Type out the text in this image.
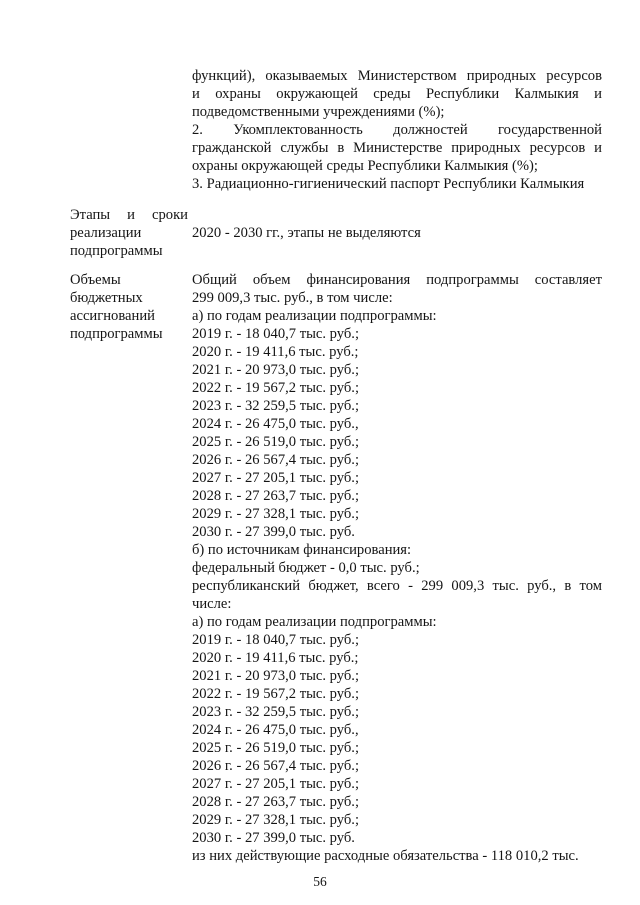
функций), оказываемых Министерством природных ресурсов
и охраны окружающей среды Республики Калмыкия и
подведомственными учреждениями (%);
2. Укомплектованность должностей государственной
гражданской службы в Министерстве природных ресурсов и
охраны окружающей среды Республики Калмыкия (%);
3. Радиационно-гигиенический паспорт Республики Калмыкия
Этапы и сроки
реализации
подпрограммы
2020 - 2030 гг., этапы не выделяются
Объемы
бюджетных
ассигнований
подпрограммы
Общий объем финансирования подпрограммы составляет
299 009,3 тыс. руб., в том числе:
а) по годам реализации подпрограммы:
2019 г. - 18 040,7 тыс. руб.;
2020 г. - 19 411,6 тыс. руб.;
2021 г. - 20 973,0 тыс. руб.;
2022 г. - 19 567,2 тыс. руб.;
2023 г. - 32 259,5 тыс. руб.;
2024 г. - 26 475,0 тыс. руб.,
2025 г. - 26 519,0 тыс. руб.;
2026 г. - 26 567,4 тыс. руб.;
2027 г. - 27 205,1 тыс. руб.;
2028 г. - 27 263,7 тыс. руб.;
2029 г. - 27 328,1 тыс. руб.;
2030 г. - 27 399,0 тыс. руб.
б) по источникам финансирования:
федеральный бюджет - 0,0 тыс. руб.;
республиканский бюджет, всего - 299 009,3 тыс. руб., в том
числе:
а) по годам реализации подпрограммы:
2019 г. - 18 040,7 тыс. руб.;
2020 г. - 19 411,6 тыс. руб.;
2021 г. - 20 973,0 тыс. руб.;
2022 г. - 19 567,2 тыс. руб.;
2023 г. - 32 259,5 тыс. руб.;
2024 г. - 26 475,0 тыс. руб.,
2025 г. - 26 519,0 тыс. руб.;
2026 г. - 26 567,4 тыс. руб.;
2027 г. - 27 205,1 тыс. руб.;
2028 г. - 27 263,7 тыс. руб.;
2029 г. - 27 328,1 тыс. руб.;
2030 г. - 27 399,0 тыс. руб.
из них действующие расходные обязательства - 118 010,2 тыс.
56
